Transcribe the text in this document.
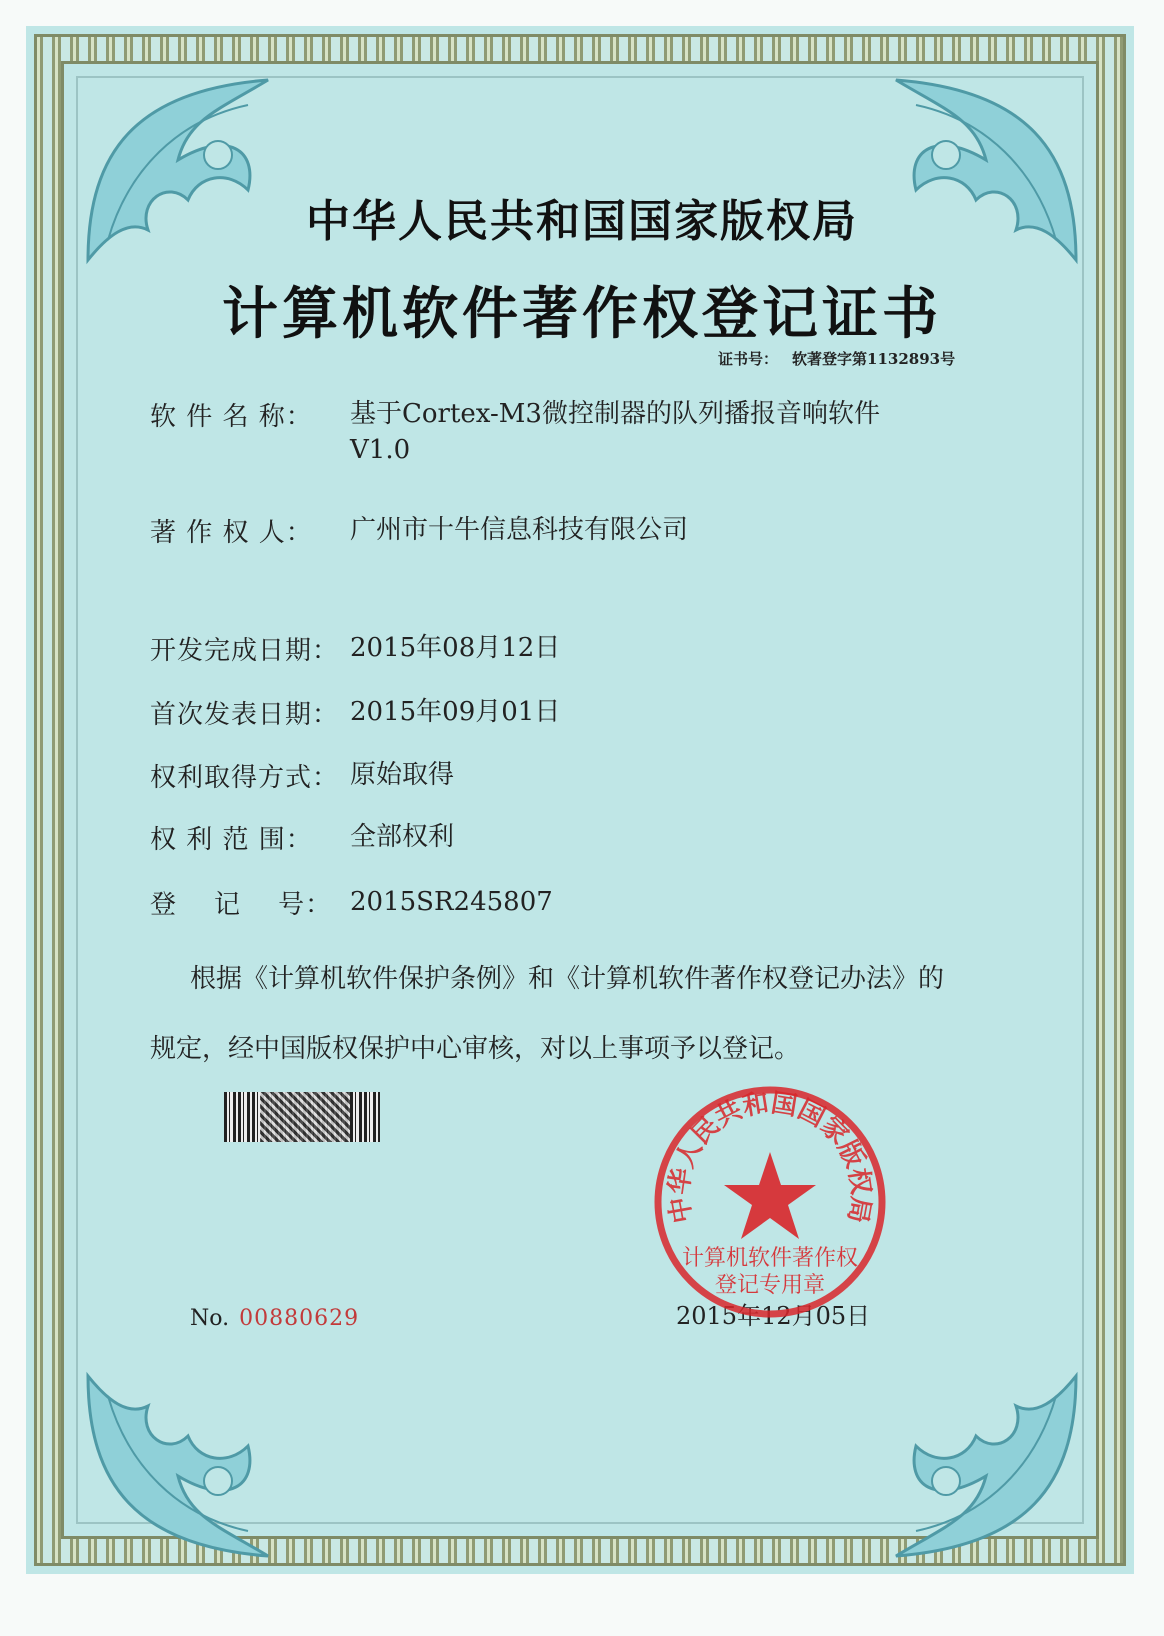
中华人民共和国国家版权局
计算机软件著作权登记证书
证书号： 软著登字第1132893号
软 件 名 称：	基于Cortex-M3微控制器的队列播报音响软件V1.0
著 作 权 人：	广州市十牛信息科技有限公司
开发完成日期： 2015年08月12日
首次发表日期： 2015年09月01日
权利取得方式： 原始取得
权 利 范 围：	全部权利
登    记    号： 2015SR245807
根据《计算机软件保护条例》和《计算机软件著作权登记办法》的
规定，经中国版权保护中心审核，对以上事项予以登记。
No. 00880629	2015年12月05日
中华人民共和国国家版权局
计算机软件著作权
登记专用章
